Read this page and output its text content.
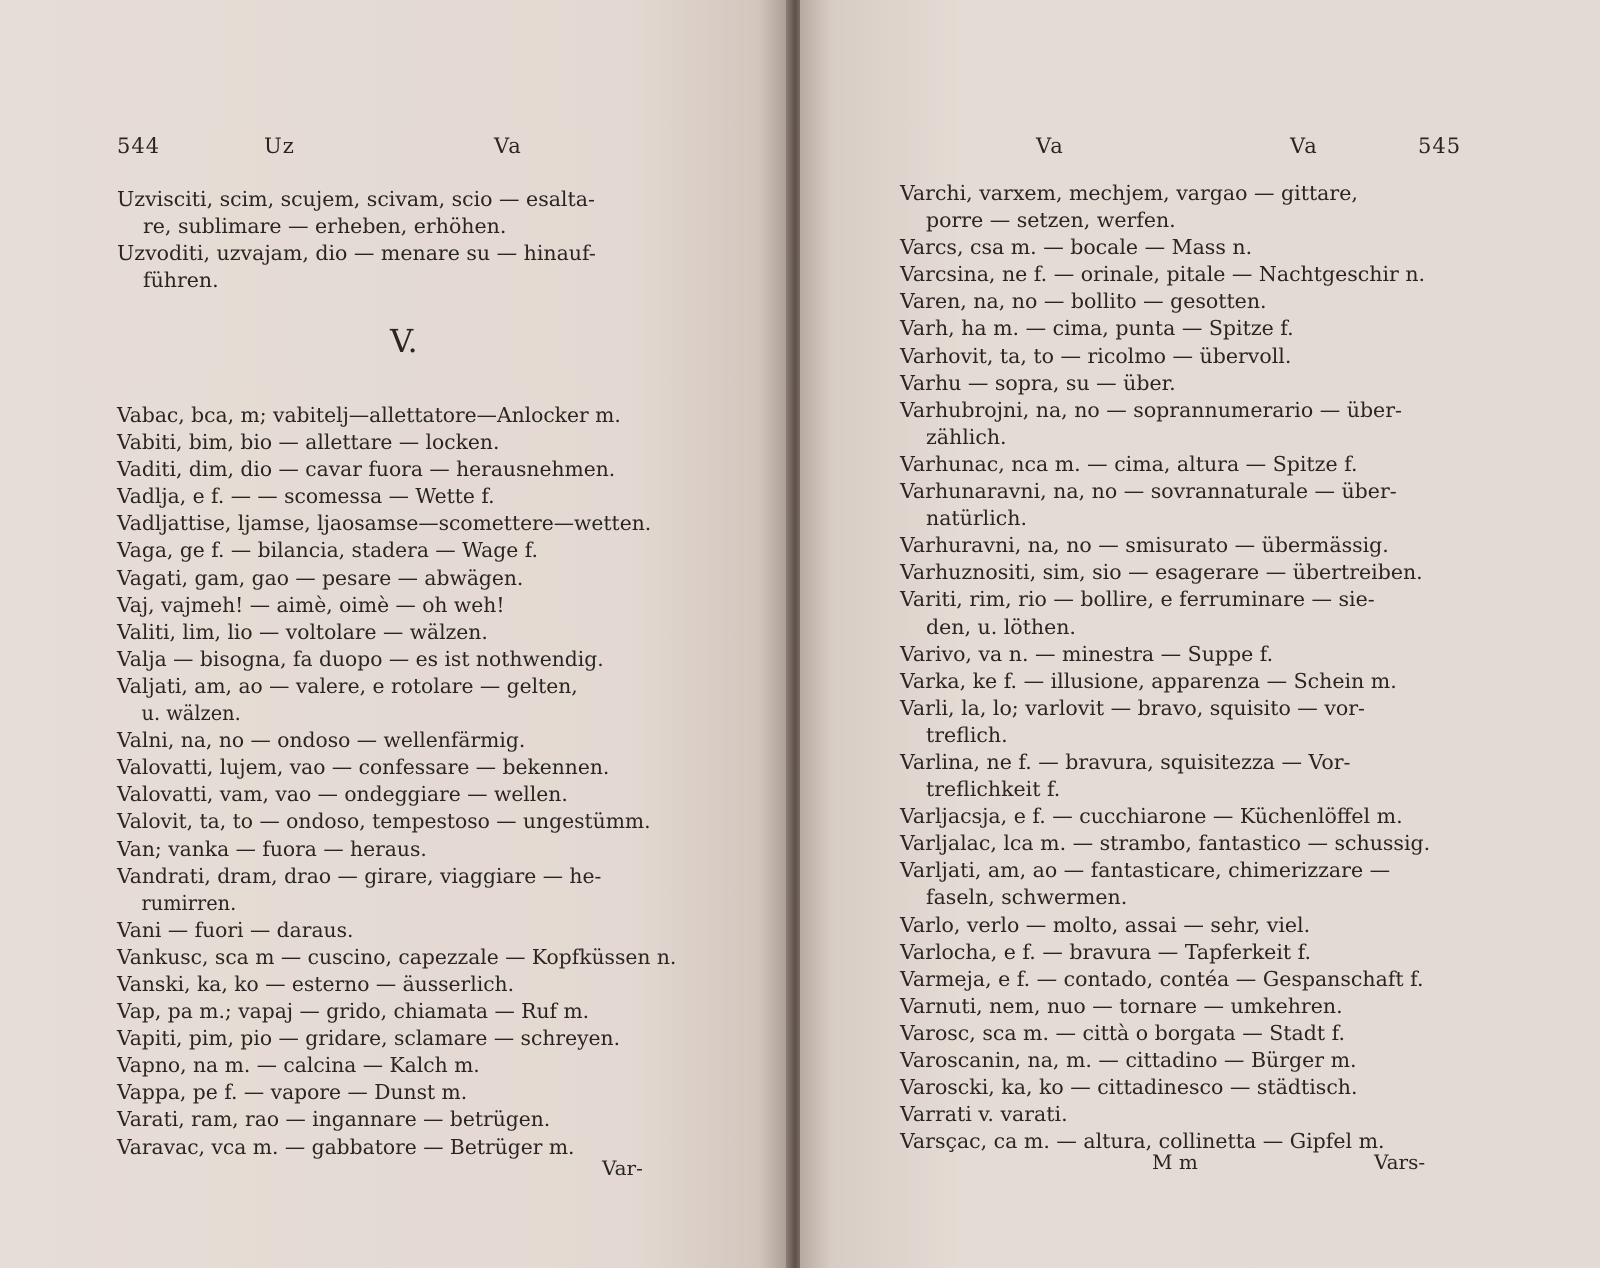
544	Uz	Va
Uzvisciti, scim, scujem, scivam, scio — esalta-
re, sublimare — erheben, erhöhen.
Uzvoditi, uzvajam, dio — menare su — hinauf-
führen.
V.
Vabac, bca, m; vabitelj—allettatore—Anlocker m.
Vabiti, bim, bio — allettare — locken.
Vaditi, dim, dio — cavar fuora — herausnehmen.
Vadlja, e f. — — scomessa — Wette f.
Vadljattise, ljamse, ljaosamse—scomettere—wetten.
Vaga, ge f. — bilancia, stadera — Wage f.
Vagati, gam, gao — pesare — abwägen.
Vaj, vajmeh! — aimè, oimè — oh weh!
Valiti, lim, lio — voltolare — wälzen.
Valja — bisogna, fa duopo — es ist nothwendig.
Valjati, am, ao — valere, e rotolare — gelten,
u. wälzen.
Valni, na, no — ondoso — wellenfärmig.
Valovatti, lujem, vao — confessare — bekennen.
Valovatti, vam, vao — ondeggiare — wellen.
Valovit, ta, to — ondoso, tempestoso — ungestümm.
Van; vanka — fuora — heraus.
Vandrati, dram, drao — girare, viaggiare — he-
rumirren.
Vani — fuori — daraus.
Vankusc, sca m — cuscino, capezzale — Kopfküssen n.
Vanski, ka, ko — esterno — äusserlich.
Vap, pa m.; vapaj — grido, chiamata — Ruf m.
Vapiti, pim, pio — gridare, sclamare — schreyen.
Vapno, na m. — calcina — Kalch m.
Vappa, pe f. — vapore — Dunst m.
Varati, ram, rao — ingannare — betrügen.
Varavac, vca m. — gabbatore — Betrüger m.
Var-
Va	Va	545
Varchi, varxem, mechjem, vargao — gittare,
porre — setzen, werfen.
Varcs, csa m. — bocale — Mass n.
Varcsina, ne f. — orinale, pitale — Nachtgeschir n.
Varen, na, no — bollito — gesotten.
Varh, ha m. — cima, punta — Spitze f.
Varhovit, ta, to — ricolmo — übervoll.
Varhu — sopra, su — über.
Varhubrojni, na, no — soprannumerario — über-
zählich.
Varhunac, nca m. — cima, altura — Spitze f.
Varhunaravni, na, no — sovrannaturale — über-
natürlich.
Varhuravni, na, no — smisurato — übermässig.
Varhuznositi, sim, sio — esagerare — übertreiben.
Variti, rim, rio — bollire, e ferruminare — sie-
den, u. löthen.
Varivo, va n. — minestra — Suppe f.
Varka, ke f. — illusione, apparenza — Schein m.
Varli, la, lo; varlovit — bravo, squisito — vor-
treflich.
Varlina, ne f. — bravura, squisitezza — Vor-
treflichkeit f.
Varljacsja, e f. — cucchiarone — Küchenlöffel m.
Varljalac, lca m. — strambo, fantastico — schussig.
Varljati, am, ao — fantasticare, chimerizzare —
faseln, schwermen.
Varlo, verlo — molto, assai — sehr, viel.
Varlocha, e f. — bravura — Tapferkeit f.
Varmeja, e f. — contado, contéa — Gespanschaft f.
Varnuti, nem, nuo — tornare — umkehren.
Varosc, sca m. — città o borgata — Stadt f.
Varoscanin, na, m. — cittadino — Bürger m.
Varoscki, ka, ko — cittadinesco — städtisch.
Varrati v. varati.
Varsçac, ca m. — altura, collinetta — Gipfel m.
M m	Vars-
